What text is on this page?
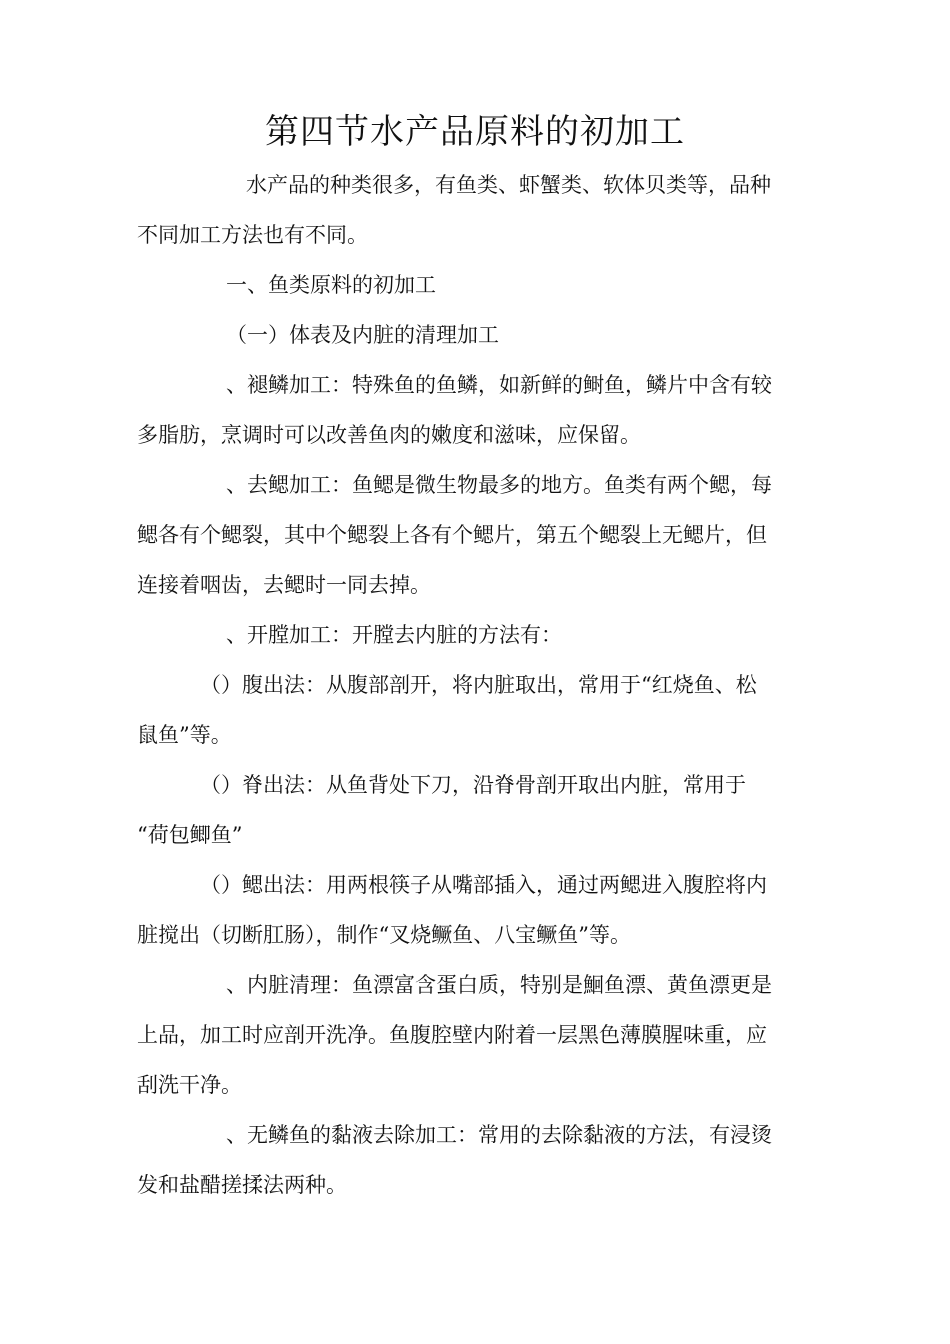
第四节水产品原料的初加工

水产品的种类很多，有鱼类、虾蟹类、软体贝类等，品种

不同加工方法也有不同。

一、鱼类原料的初加工

（一）体表及内脏的清理加工

、褪鳞加工：特殊鱼的鱼鳞，如新鲜的鲥鱼，鳞片中含有较

多脂肪，烹调时可以改善鱼肉的嫩度和滋味，应保留。

、去鳃加工：鱼鳃是微生物最多的地方。鱼类有两个鳃，每

鳃各有个鳃裂，其中个鳃裂上各有个鳃片，第五个鳃裂上无鳃片，但

连接着咽齿，去鳃时一同去掉。

、开膛加工：开膛去内脏的方法有：

（）腹出法：从腹部剖开，将内脏取出，常用于“红烧鱼、松

鼠鱼”等。

（）脊出法：从鱼背处下刀，沿脊骨剖开取出内脏，常用于

“荷包鲫鱼”

（）鳃出法：用两根筷子从嘴部插入，通过两鳃进入腹腔将内

脏搅出（切断肛肠），制作“叉烧鳜鱼、八宝鳜鱼”等。

、内脏清理：鱼漂富含蛋白质，特别是鮰鱼漂、黄鱼漂更是

上品，加工时应剖开洗净。鱼腹腔壁内附着一层黑色薄膜腥味重，应

刮洗干净。

、无鳞鱼的黏液去除加工：常用的去除黏液的方法，有浸烫

发和盐醋搓揉法两种。
